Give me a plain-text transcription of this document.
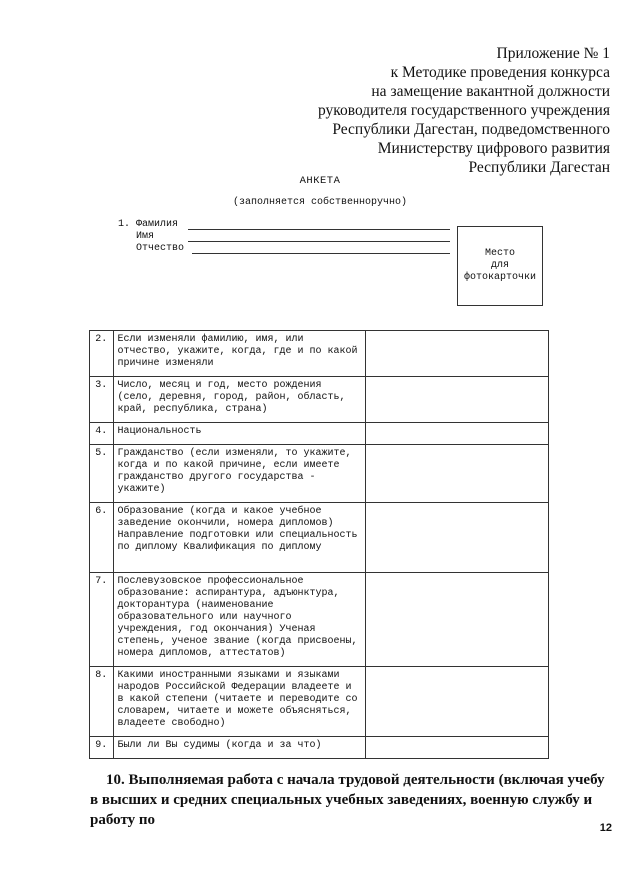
Приложение № 1
к Методике проведения конкурса
на замещение вакантной должности
руководителя государственного учреждения
Республики Дагестан, подведомственного
Министерству цифрового развития
Республики Дагестан
АНКЕТА
(заполняется собственноручно)
1. Фамилия
Имя
Отчество	Место
для
фотокарточки
2.	Если изменяли фамилию, имя, или отчество, укажите, когда, где и по какой причине изменяли	
3.	Число, месяц и год, место рождения (село, деревня, город, район, область, край, республика, страна)	
4.	Национальность	
5.	Гражданство (если изменяли, то укажите, когда и по какой причине, если имеете гражданство другого государства - укажите)	
6.	Образование (когда и какое учебное заведение окончили, номера дипломов) Направление подготовки или специальность по диплому Квалификация по диплому	
7.	Послевузовское профессиональное образование: аспирантура, адъюнктура, докторантура (наименование образовательного или научного учреждения, год окончания) Ученая степень, ученое звание (когда присвоены, номера дипломов, аттестатов)	
8.	Какими иностранными языками и языками народов Российской Федерации владеете и в какой степени (читаете и переводите со словарем, читаете и можете объясняться, владеете свободно)	
9.	Были ли Вы судимы (когда и за что)	
10. Выполняемая работа с начала трудовой деятельности (включая учебу в высших и средних специальных учебных заведениях, военную службу и работу по	12
